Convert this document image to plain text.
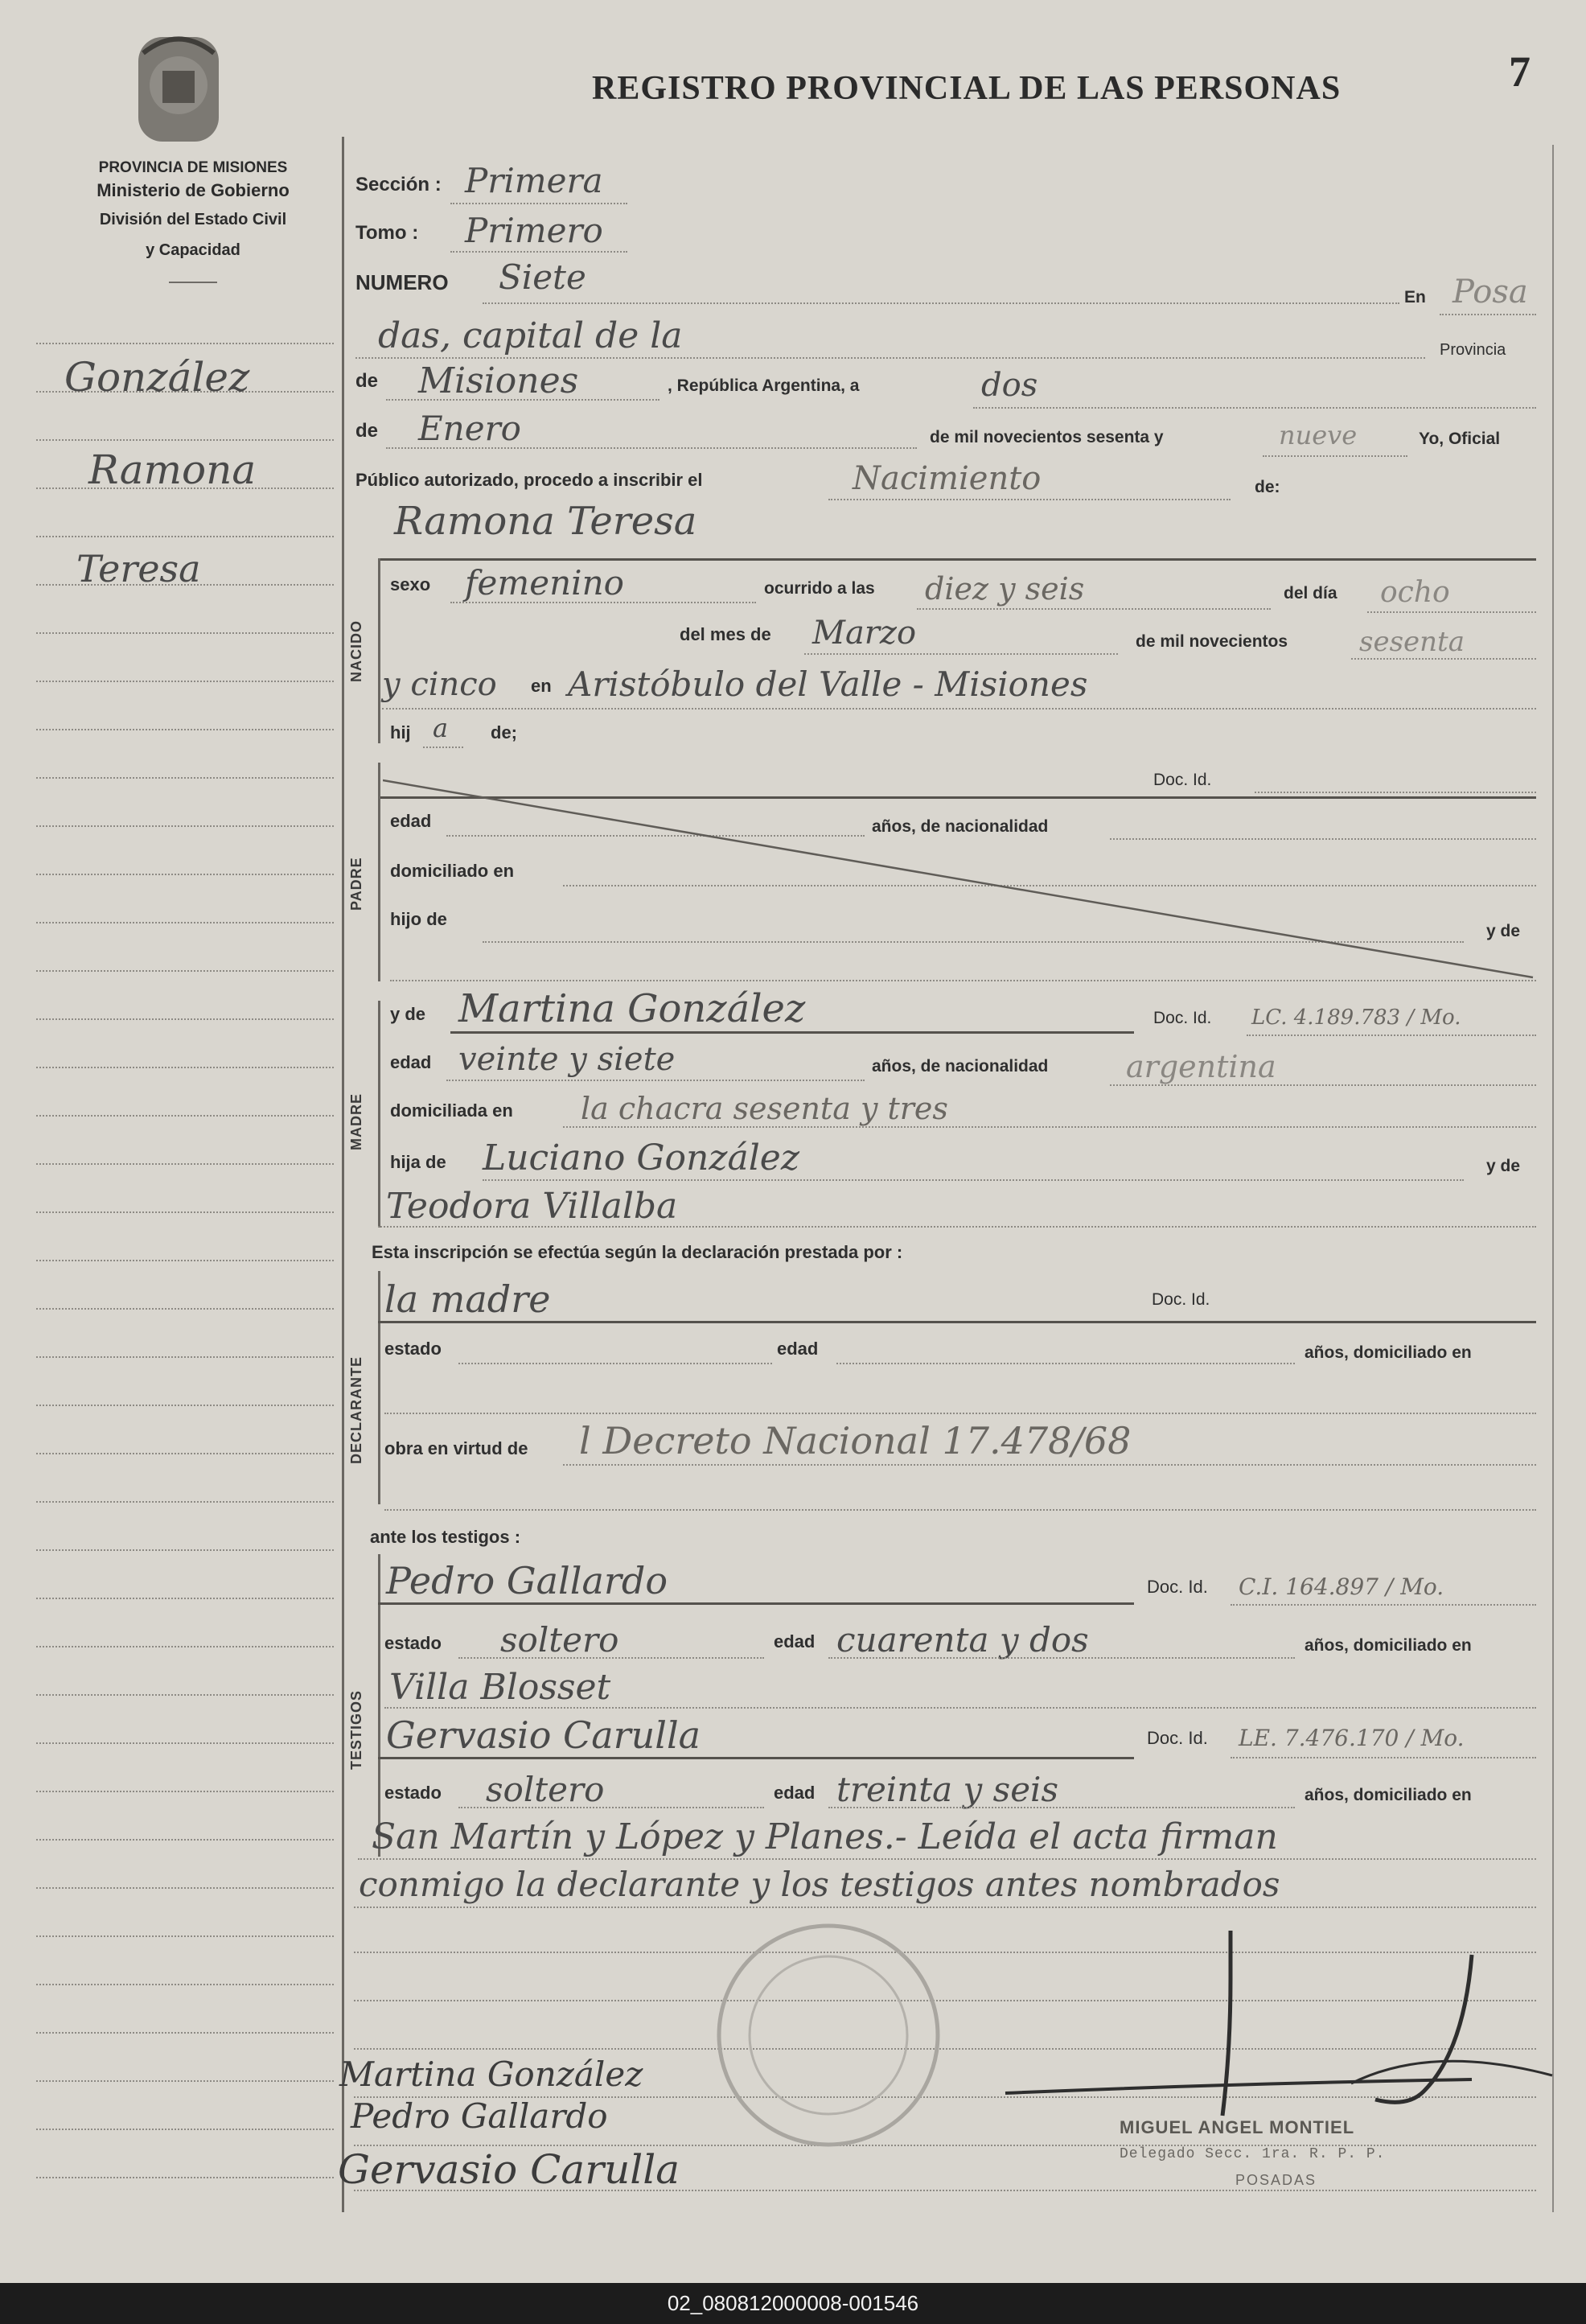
PROVINCIA DE MISIONES
Ministerio de Gobierno
División del Estado Civil
y Capacidad
REGISTRO PROVINCIAL DE LAS PERSONAS	7
González
Ramona
Teresa
Sección : Primera
Tomo : Primero
NUMERO Siete
En Posa
das, capital de la	Provincia
de Misiones	, República Argentina, a	dos
de Enero	de mil novecientos sesenta y	nueve	Yo, Oficial
Público autorizado, procedo a inscribir el	Nacimiento	de:
Ramona Teresa
NACIDO
sexo femenino	ocurrido a las diez y seis	del día ocho
del mes de Marzo	de mil novecientos	sesenta
y cinco en Aristóbulo del Valle - Misiones
hij a de;
PADRE
Doc. Id.
edad	años, de nacionalidad
domiciliado en
hijo de
y de
MADRE
y de Martina González	Doc. Id. LC. 4.189.783 / Mo.
edad veinte y siete	años, de nacionalidad	argentina
domiciliada en la chacra sesenta y tres
hija de Luciano González	y de
Teodora Villalba
Esta inscripción se efectúa según la declaración prestada por :
DECLARANTE
la madre	Doc. Id.
estado	edad	años, domiciliado en
obra en virtud de l Decreto Nacional 17.478/68
ante los testigos :
TESTIGOS
Pedro Gallardo	Doc. Id. C.I. 164.897 / Mo.
estado soltero	edad cuarenta y dos	años, domiciliado en
Villa Blosset
Gervasio Carulla	Doc. Id. LE. 7.476.170 / Mo.
estado soltero	edad treinta y seis	años, domiciliado en
San Martín y López y Planes.- Leída el acta firman
conmigo la declarante y los testigos antes nombrados
Martina González
Pedro Gallardo
Gervasio Carulla
MIGUEL ANGEL MONTIEL
Delegado Secc. 1ra. R. P. P.
POSADAS
02_080812000008-001546
